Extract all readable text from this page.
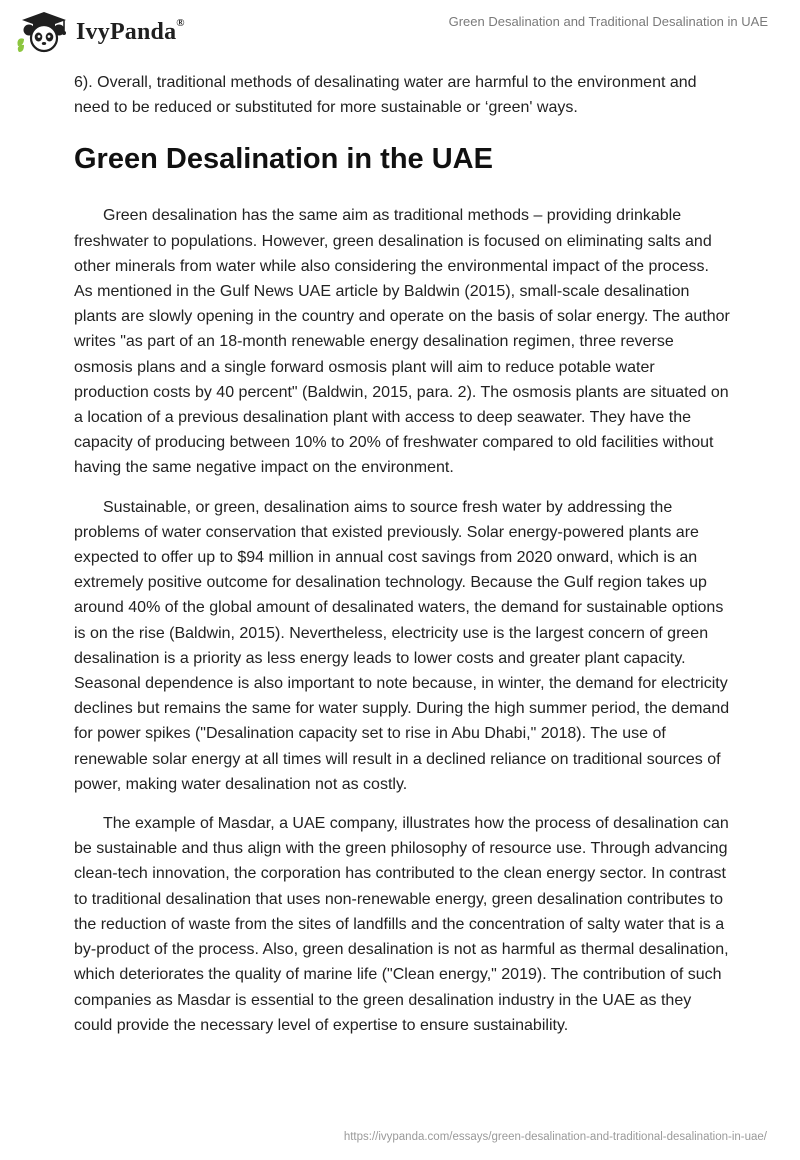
IvyPanda®	Green Desalination and Traditional Desalination in UAE

6). Overall, traditional methods of desalinating water are harmful to the environment and need to be reduced or substituted for more sustainable or ‘green' ways.

Green Desalination in the UAE

Green desalination has the same aim as traditional methods – providing drinkable freshwater to populations. However, green desalination is focused on eliminating salts and other minerals from water while also considering the environmental impact of the process. As mentioned in the Gulf News UAE article by Baldwin (2015), small-scale desalination plants are slowly opening in the country and operate on the basis of solar energy. The author writes "as part of an 18-month renewable energy desalination regimen, three reverse osmosis plans and a single forward osmosis plant will aim to reduce potable water production costs by 40 percent" (Baldwin, 2015, para. 2). The osmosis plants are situated on a location of a previous desalination plant with access to deep seawater. They have the capacity of producing between 10% to 20% of freshwater compared to old facilities without having the same negative impact on the environment.

Sustainable, or green, desalination aims to source fresh water by addressing the problems of water conservation that existed previously. Solar energy-powered plants are expected to offer up to $94 million in annual cost savings from 2020 onward, which is an extremely positive outcome for desalination technology. Because the Gulf region takes up around 40% of the global amount of desalinated waters, the demand for sustainable options is on the rise (Baldwin, 2015). Nevertheless, electricity use is the largest concern of green desalination is a priority as less energy leads to lower costs and greater plant capacity. Seasonal dependence is also important to note because, in winter, the demand for electricity declines but remains the same for water supply. During the high summer period, the demand for power spikes ("Desalination capacity set to rise in Abu Dhabi," 2018). The use of renewable solar energy at all times will result in a declined reliance on traditional sources of power, making water desalination not as costly.

The example of Masdar, a UAE company, illustrates how the process of desalination can be sustainable and thus align with the green philosophy of resource use. Through advancing clean-tech innovation, the corporation has contributed to the clean energy sector. In contrast to traditional desalination that uses non-renewable energy, green desalination contributes to the reduction of waste from the sites of landfills and the concentration of salty water that is a by-product of the process. Also, green desalination is not as harmful as thermal desalination, which deteriorates the quality of marine life ("Clean energy," 2019). The contribution of such companies as Masdar is essential to the green desalination industry in the UAE as they could provide the necessary level of expertise to ensure sustainability.

https://ivypanda.com/essays/green-desalination-and-traditional-desalination-in-uae/
